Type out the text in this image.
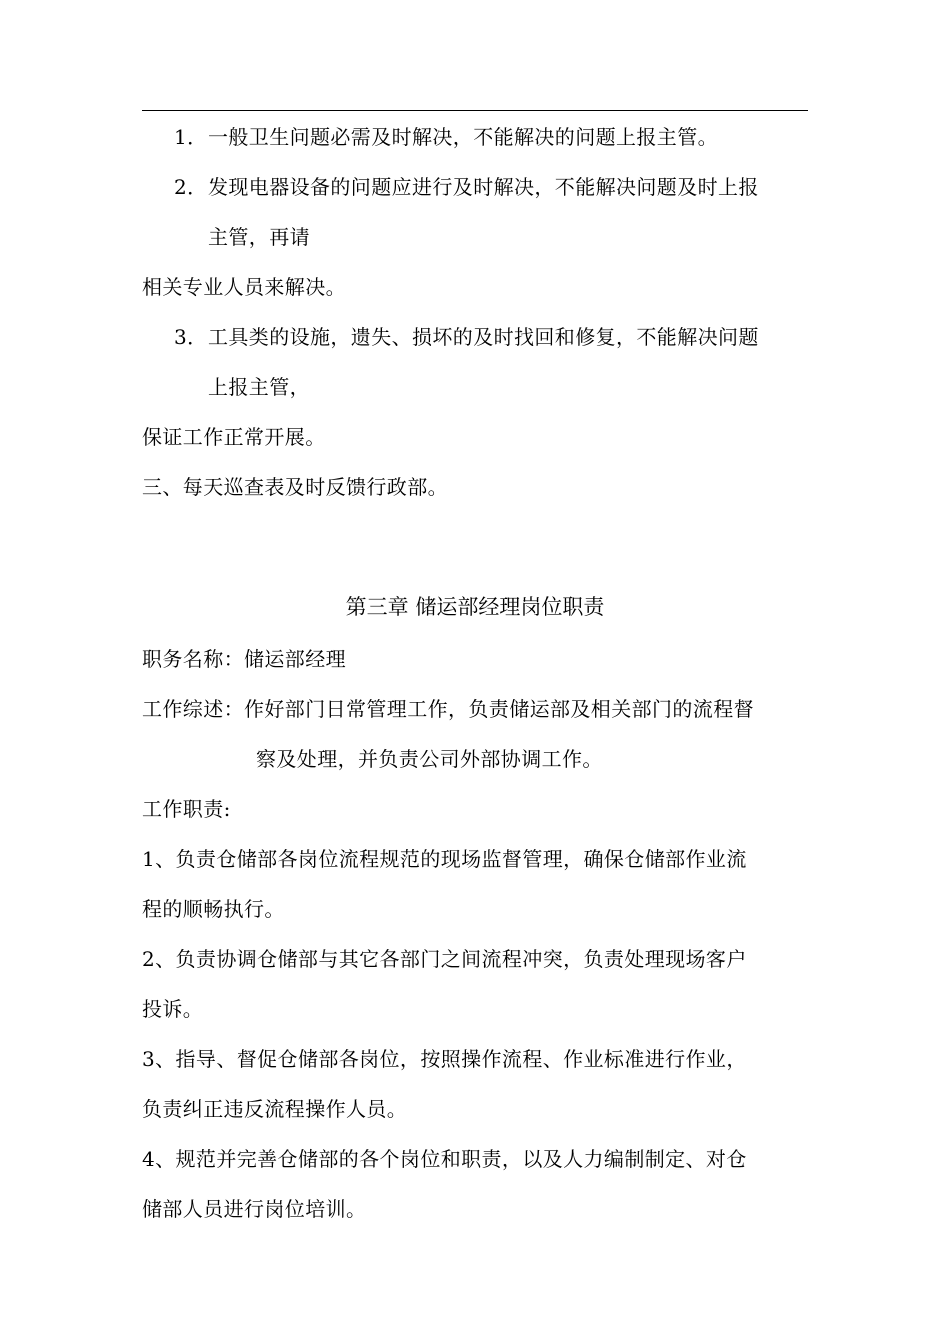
1．一般卫生问题必需及时解决，不能解决的问题上报主管。
2．发现电器设备的问题应进行及时解决，不能解决问题及时上报
主管，再请
相关专业人员来解决。
3．工具类的设施，遗失、损坏的及时找回和修复，不能解决问题
上报主管，
保证工作正常开展。
三、每天巡查表及时反馈行政部。
第三章 储运部经理岗位职责
职务名称：储运部经理
工作综述：作好部门日常管理工作，负责储运部及相关部门的流程督
察及处理，并负责公司外部协调工作。
工作职责:
1、负责仓储部各岗位流程规范的现场监督管理，确保仓储部作业流
程的顺畅执行。
2、负责协调仓储部与其它各部门之间流程冲突，负责处理现场客户
投诉。
3、指导、督促仓储部各岗位，按照操作流程、作业标准进行作业，
负责纠正违反流程操作人员。
4、规范并完善仓储部的各个岗位和职责，以及人力编制制定、对仓
储部人员进行岗位培训。
